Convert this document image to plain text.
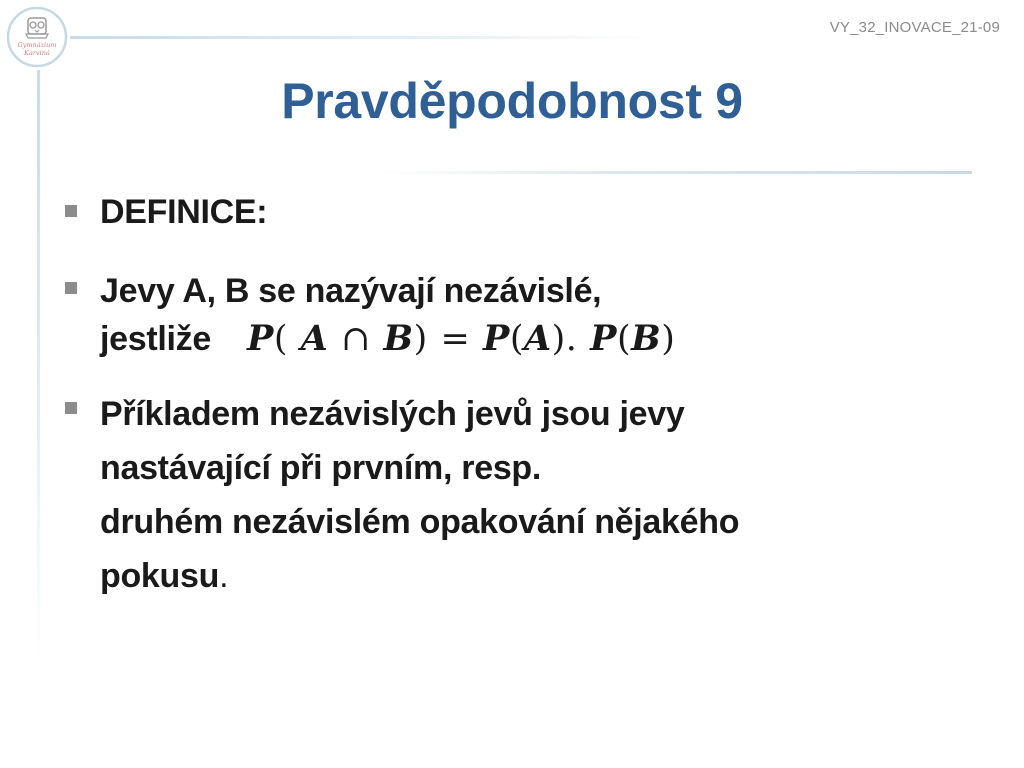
Gymnázium
Karviná
VY_32_INOVACE_21-09
Pravděpodobnost 9
DEFINICE:
Jevy A, B se nazývají nezávislé,
jestliže P( A ∩ B) = P(A). P(B)
Příkladem nezávislých jevů jsou jevy
nastávající při prvním, resp.
druhém nezávislém opakování nějakého
pokusu.
